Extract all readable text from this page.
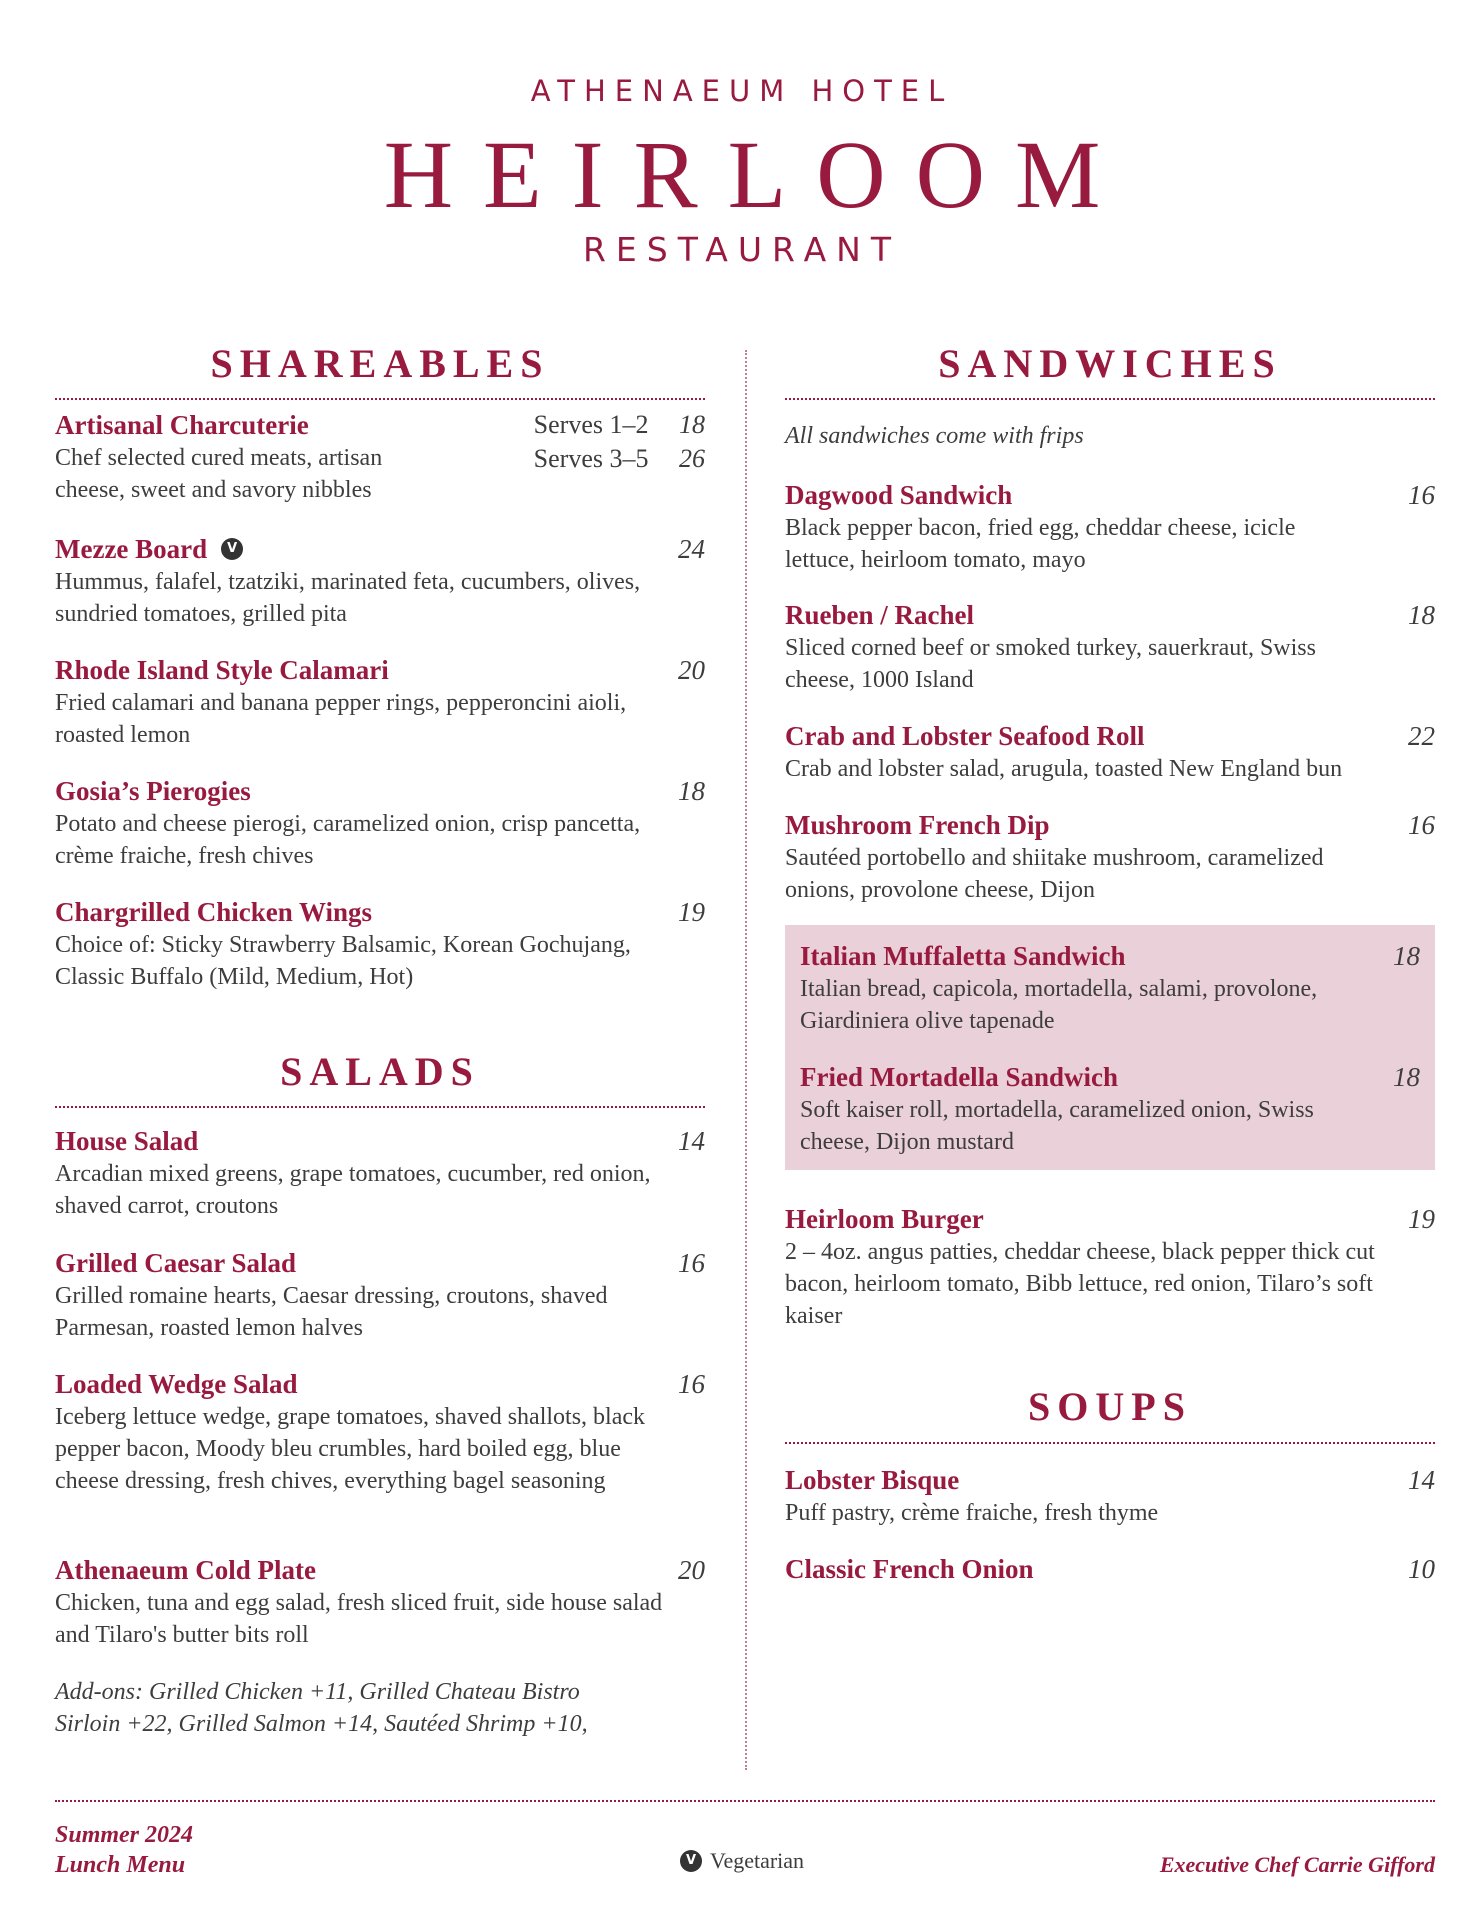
ATHENAEUM HOTEL
HEIRLOOM
RESTAURANT
SHAREABLES
Artisanal Charcuterie
Chef selected cured meats, artisan cheese, sweet and savory nibbles
Serves 1–2 18
Serves 3–5 26
Mezze Board	V	24
Hummus, falafel, tzatziki, marinated feta, cucumbers, olives, sundried tomatoes, grilled pita
Rhode Island Style Calamari	20
Fried calamari and banana pepper rings, pepperoncini aioli, roasted lemon
Gosia’s Pierogies	18
Potato and cheese pierogi, caramelized onion, crisp pancetta, crème fraiche, fresh chives
Chargrilled Chicken Wings	19
Choice of: Sticky Strawberry Balsamic, Korean Gochujang, Classic Buffalo (Mild, Medium, Hot)
SALADS
House Salad	14
Arcadian mixed greens, grape tomatoes, cucumber, red onion, shaved carrot, croutons
Grilled Caesar Salad	16
Grilled romaine hearts, Caesar dressing, croutons, shaved Parmesan, roasted lemon halves
Loaded Wedge Salad	16
Iceberg lettuce wedge, grape tomatoes, shaved shallots, black pepper bacon, Moody bleu crumbles, hard boiled egg, blue cheese dressing, fresh chives, everything bagel seasoning
Athenaeum Cold Plate	20
Chicken, tuna and egg salad, fresh sliced fruit, side house salad and Tilaro's butter bits roll
Add-ons: Grilled Chicken +11, Grilled Chateau Bistro Sirloin +22, Grilled Salmon +14, Sautéed Shrimp +10,
SANDWICHES
All sandwiches come with frips
Dagwood Sandwich	16
Black pepper bacon, fried egg, cheddar cheese, icicle lettuce, heirloom tomato, mayo
Rueben / Rachel	18
Sliced corned beef or smoked turkey, sauerkraut, Swiss cheese, 1000 Island
Crab and Lobster Seafood Roll	22
Crab and lobster salad, arugula, toasted New England bun
Mushroom French Dip	16
Sautéed portobello and shiitake mushroom, caramelized onions, provolone cheese, Dijon
Italian Muffaletta Sandwich	18
Italian bread, capicola, mortadella, salami, provolone, Giardiniera olive tapenade
Fried Mortadella Sandwich	18
Soft kaiser roll, mortadella, caramelized onion, Swiss cheese, Dijon mustard
Heirloom Burger	19
2 – 4oz. angus patties, cheddar cheese, black pepper thick cut bacon, heirloom tomato, Bibb lettuce, red onion, Tilaro’s soft kaiser
SOUPS
Lobster Bisque	14
Puff pastry, crème fraiche, fresh thyme
Classic French Onion	10
Summer 2024
Lunch Menu	V Vegetarian	Executive Chef Carrie Gifford
